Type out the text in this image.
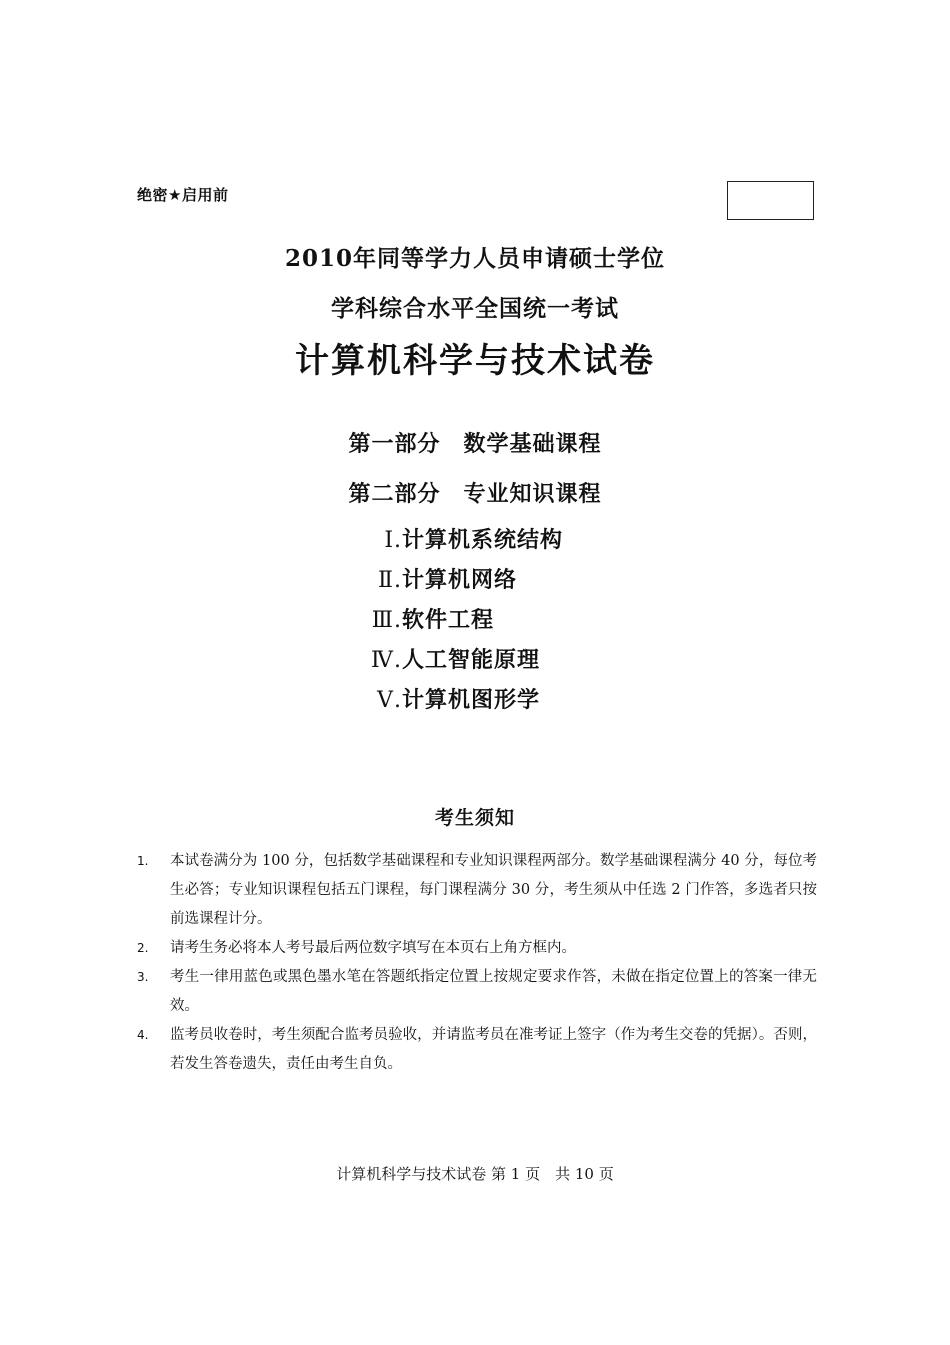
绝密★启用前
2010年同等学力人员申请硕士学位
学科综合水平全国统一考试
计算机科学与技术试卷
第一部分　数学基础课程
第二部分　专业知识课程
Ⅰ.计算机系统结构
Ⅱ.计算机网络
Ⅲ.软件工程
Ⅳ.人工智能原理
Ⅴ.计算机图形学
考生须知
1. 本试卷满分为 100 分，包括数学基础课程和专业知识课程两部分。数学基础课程满分 40 分，每位考生必答；专业知识课程包括五门课程，每门课程满分 30 分，考生须从中任选 2 门作答，多选者只按前选课程计分。
2. 请考生务必将本人考号最后两位数字填写在本页右上角方框内。
3. 考生一律用蓝色或黑色墨水笔在答题纸指定位置上按规定要求作答，未做在指定位置上的答案一律无效。
4. 监考员收卷时，考生须配合监考员验收，并请监考员在准考证上签字（作为考生交卷的凭据）。否则，若发生答卷遗失，责任由考生自负。
计算机科学与技术试卷 第 1 页　共 10 页
